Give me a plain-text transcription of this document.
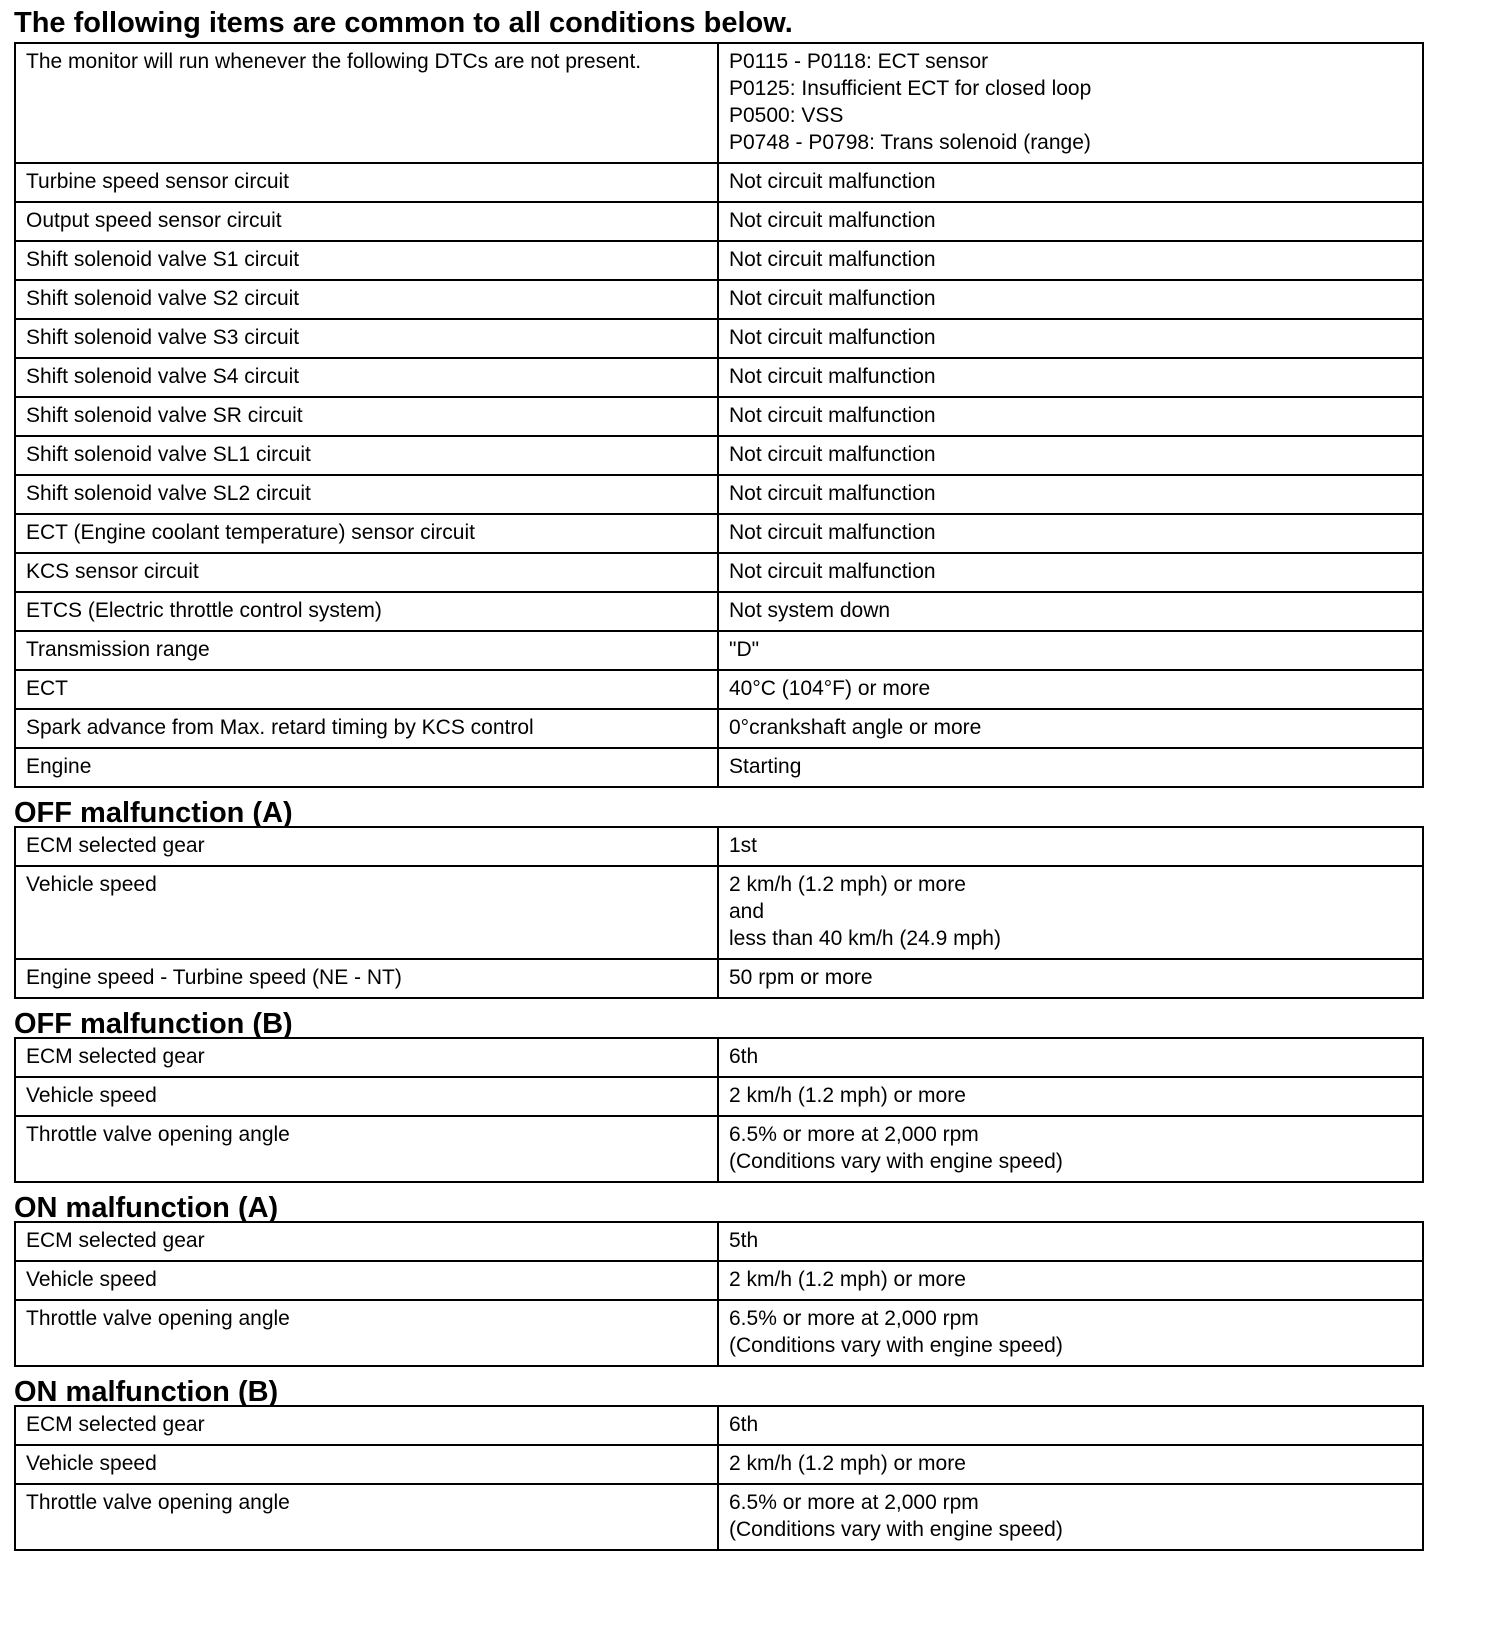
The following items are common to all conditions below.
The monitor will run whenever the following DTCs are not present.	P0115 - P0118: ECT sensor
P0125: Insufficient ECT for closed loop
P0500: VSS
P0748 - P0798: Trans solenoid (range)
Turbine speed sensor circuit	Not circuit malfunction
Output speed sensor circuit	Not circuit malfunction
Shift solenoid valve S1 circuit	Not circuit malfunction
Shift solenoid valve S2 circuit	Not circuit malfunction
Shift solenoid valve S3 circuit	Not circuit malfunction
Shift solenoid valve S4 circuit	Not circuit malfunction
Shift solenoid valve SR circuit	Not circuit malfunction
Shift solenoid valve SL1 circuit	Not circuit malfunction
Shift solenoid valve SL2 circuit	Not circuit malfunction
ECT (Engine coolant temperature) sensor circuit	Not circuit malfunction
KCS sensor circuit	Not circuit malfunction
ETCS (Electric throttle control system)	Not system down
Transmission range	"D"
ECT	40°C (104°F) or more
Spark advance from Max. retard timing by KCS control	0°crankshaft angle or more
Engine	Starting
OFF malfunction (A)
ECM selected gear	1st
Vehicle speed	2 km/h (1.2 mph) or more
and
less than 40 km/h (24.9 mph)
Engine speed - Turbine speed (NE - NT)	50 rpm or more
OFF malfunction (B)
ECM selected gear	6th
Vehicle speed	2 km/h (1.2 mph) or more
Throttle valve opening angle	6.5% or more at 2,000 rpm
(Conditions vary with engine speed)
ON malfunction (A)
ECM selected gear	5th
Vehicle speed	2 km/h (1.2 mph) or more
Throttle valve opening angle	6.5% or more at 2,000 rpm
(Conditions vary with engine speed)
ON malfunction (B)
ECM selected gear	6th
Vehicle speed	2 km/h (1.2 mph) or more
Throttle valve opening angle	6.5% or more at 2,000 rpm
(Conditions vary with engine speed)
